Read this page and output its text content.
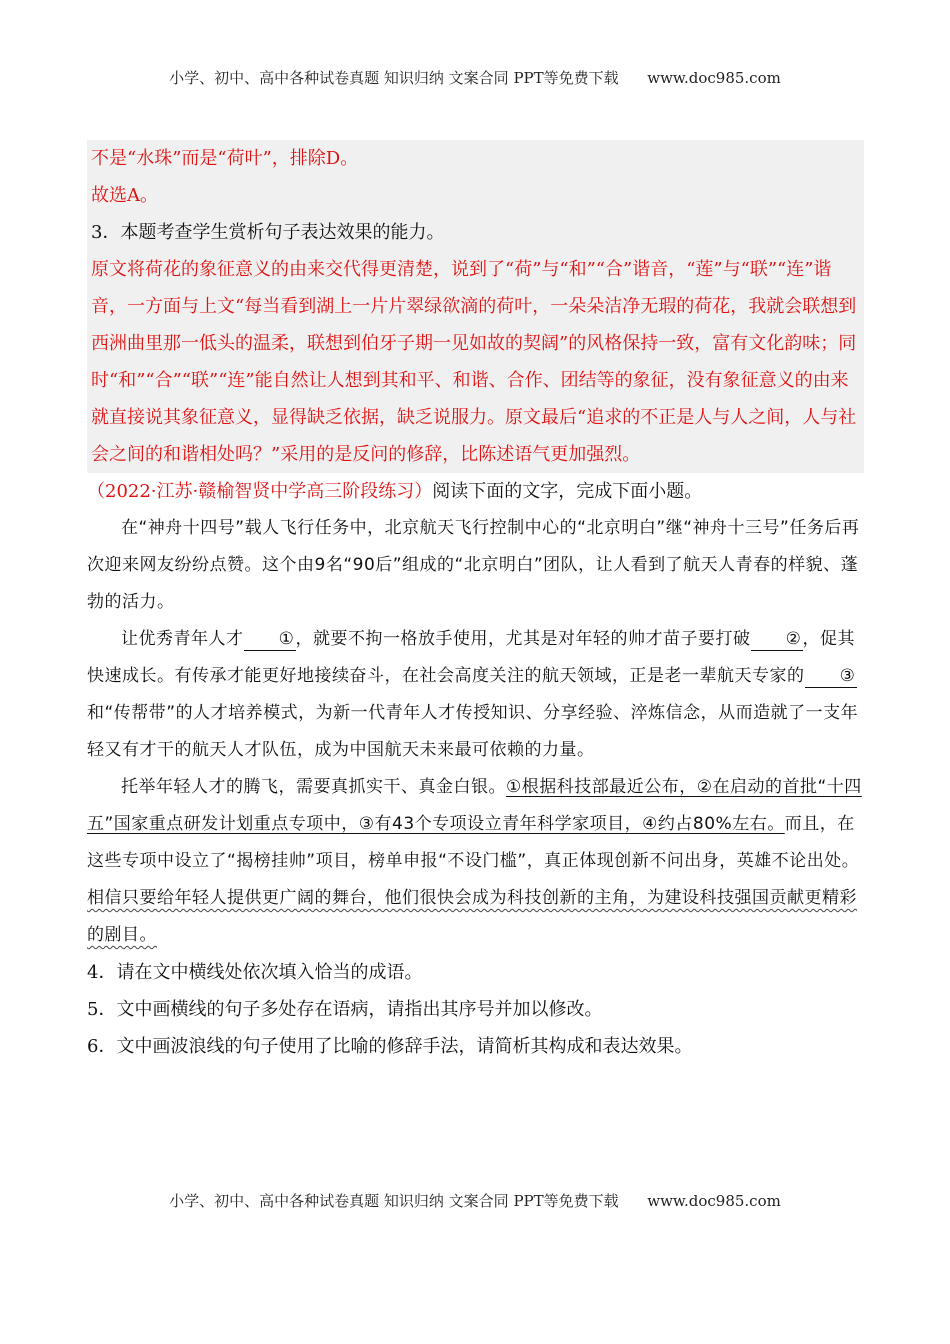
小学、初中、高中各种试卷真题 知识归纳 文案合同 PPT等免费下载      www.doc985.com
不是“水珠”而是“荷叶”，排除D。
故选A。
3．本题考查学生赏析句子表达效果的能力。
原文将荷花的象征意义的由来交代得更清楚，说到了“荷”与“和”“合”谐音，“莲”与“联”“连”谐音，一方面与上文“每当看到湖上一片片翠绿欲滴的荷叶，一朵朵洁净无瑕的荷花，我就会联想到西洲曲里那一低头的温柔，联想到伯牙子期一见如故的契阔”的风格保持一致，富有文化韵味；同时“和”“合”“联”“连”能自然让人想到其和平、和谐、合作、团结等的象征，没有象征意义的由来就直接说其象征意义，显得缺乏依据，缺乏说服力。原文最后“追求的不正是人与人之间，人与社会之间的和谐相处吗？”采用的是反问的修辞，比陈述语气更加强烈。
（2022·江苏·赣榆智贤中学高三阶段练习）阅读下面的文字，完成下面小题。
在“神舟十四号”载人飞行任务中，北京航天飞行控制中心的“北京明白”继“神舟十三号”任务后再次迎来网友纷纷点赞。这个由9名“90后”组成的“北京明白”团队，让人看到了航天人青春的样貌、蓬勃的活力。
让优秀青年人才 ①，就要不拘一格放手使用，尤其是对年轻的帅才苗子要打破 ②，促其快速成长。有传承才能更好地接续奋斗，在社会高度关注的航天领域，正是老一辈航天专家的 ③和“传帮带”的人才培养模式，为新一代青年人才传授知识、分享经验、淬炼信念，从而造就了一支年轻又有才干的航天人才队伍，成为中国航天未来最可依赖的力量。
托举年轻人才的腾飞，需要真抓实干、真金白银。①根据科技部最近公布，②在启动的首批“十四五”国家重点研发计划重点专项中，③有43个专项设立青年科学家项目，④约占80%左右。而且，在这些专项中设立了“揭榜挂帅”项目，榜单申报“不设门槛”，真正体现创新不问出身，英雄不论出处。相信只要给年轻人提供更广阔的舞台，他们很快会成为科技创新的主角，为建设科技强国贡献更精彩的剧目。
4．请在文中横线处依次填入恰当的成语。
5．文中画横线的句子多处存在语病，请指出其序号并加以修改。
6．文中画波浪线的句子使用了比喻的修辞手法，请简析其构成和表达效果。
小学、初中、高中各种试卷真题 知识归纳 文案合同 PPT等免费下载      www.doc985.com
